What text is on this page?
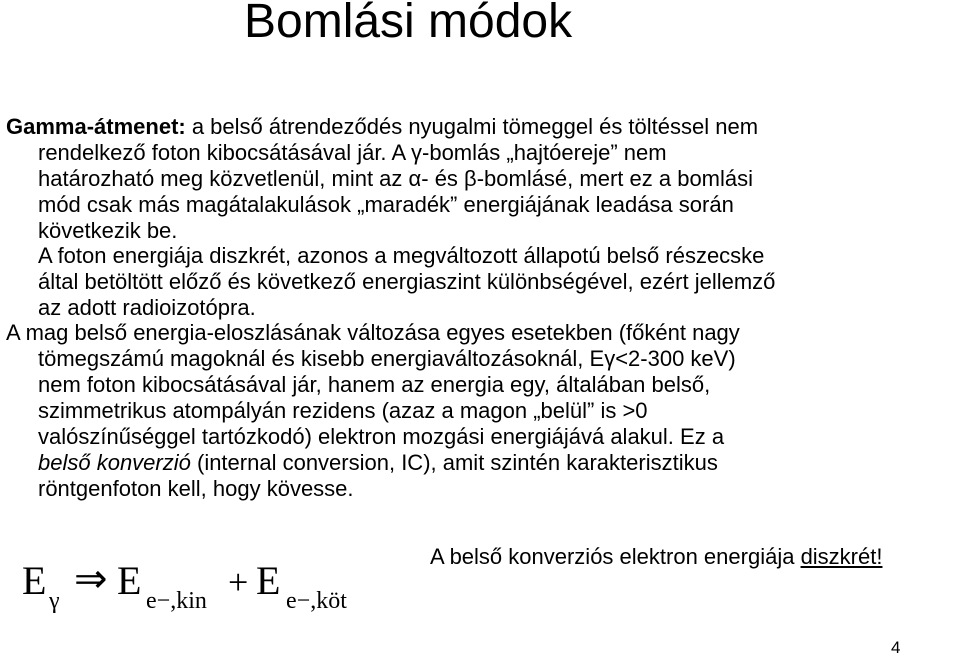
Bomlási módok

Gamma-átmenet: a belső átrendeződés nyugalmi tömeggel és töltéssel nem
rendelkező foton kibocsátásával jár. A γ-bomlás „hajtóereje” nem
határozható meg közvetlenül, mint az α- és β-bomlásé, mert ez a bomlási
mód csak más magátalakulások „maradék” energiájának leadása során
következik be.

A foton energiája diszkrét, azonos a megváltozott állapotú belső részecske
által betöltött előző és következő energiaszint különbségével, ezért jellemző
az adott radioizotópra.

A mag belső energia-eloszlásának változása egyes esetekben (főként nagy
tömegszámú magoknál és kisebb energiaváltozásoknál, Eγ<2-300 keV)
nem foton kibocsátásával jár, hanem az energia egy, általában belső,
szimmetrikus atompályán rezidens (azaz a magon „belül” is >0
valószínűséggel tartózkodó) elektron mozgási energiájává alakul. Ez a
belső konverzió (internal conversion, IC), amit szintén karakterisztikus
röntgenfoton kell, hogy kövesse.

E γ ⇒ E e−,kin + E e−,köt
A belső konverziós elektron energiája diszkrét!
4
